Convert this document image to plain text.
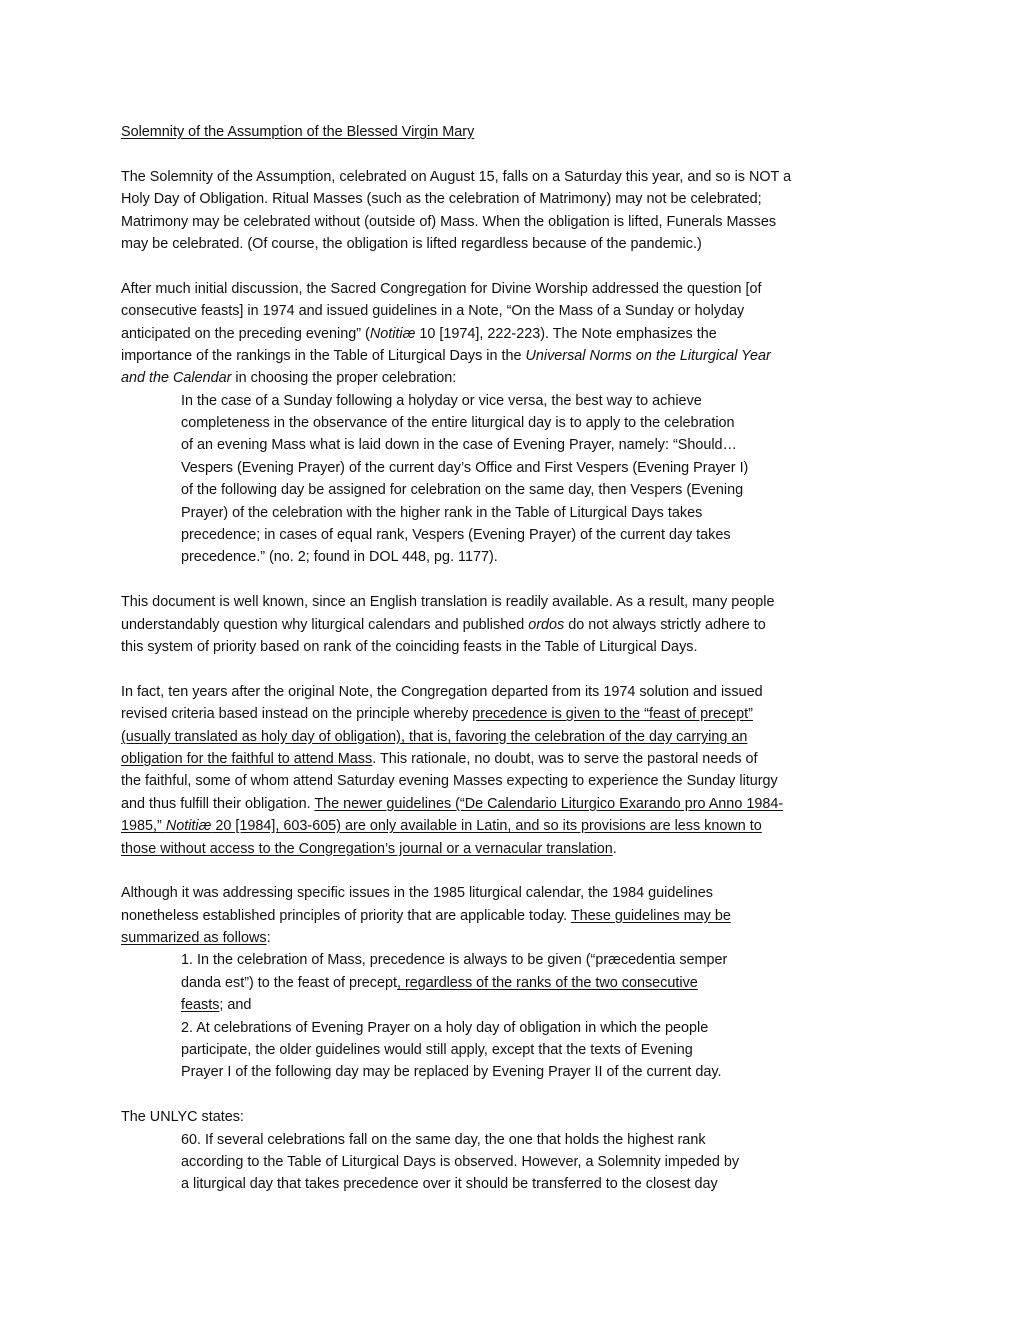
Solemnity of the Assumption of the Blessed Virgin Mary
The Solemnity of the Assumption, celebrated on August 15, falls on a Saturday this year, and so is NOT a
Holy Day of Obligation. Ritual Masses (such as the celebration of Matrimony) may not be celebrated;
Matrimony may be celebrated without (outside of) Mass. When the obligation is lifted, Funerals Masses
may be celebrated. (Of course, the obligation is lifted regardless because of the pandemic.)
After much initial discussion, the Sacred Congregation for Divine Worship addressed the question [of
consecutive feasts] in 1974 and issued guidelines in a Note, “On the Mass of a Sunday or holyday
anticipated on the preceding evening” (Notitiæ 10 [1974], 222-223). The Note emphasizes the
importance of the rankings in the Table of Liturgical Days in the Universal Norms on the Liturgical Year
and the Calendar in choosing the proper celebration:
In the case of a Sunday following a holyday or vice versa, the best way to achieve
completeness in the observance of the entire liturgical day is to apply to the celebration
of an evening Mass what is laid down in the case of Evening Prayer, namely: “Should…
Vespers (Evening Prayer) of the current day’s Office and First Vespers (Evening Prayer I)
of the following day be assigned for celebration on the same day, then Vespers (Evening
Prayer) of the celebration with the higher rank in the Table of Liturgical Days takes
precedence; in cases of equal rank, Vespers (Evening Prayer) of the current day takes
precedence.” (no. 2; found in DOL 448, pg. 1177).
This document is well known, since an English translation is readily available. As a result, many people
understandably question why liturgical calendars and published ordos do not always strictly adhere to
this system of priority based on rank of the coinciding feasts in the Table of Liturgical Days.
In fact, ten years after the original Note, the Congregation departed from its 1974 solution and issued
revised criteria based instead on the principle whereby precedence is given to the “feast of precept”
(usually translated as holy day of obligation), that is, favoring the celebration of the day carrying an
obligation for the faithful to attend Mass. This rationale, no doubt, was to serve the pastoral needs of
the faithful, some of whom attend Saturday evening Masses expecting to experience the Sunday liturgy
and thus fulfill their obligation. The newer guidelines (“De Calendario Liturgico Exarando pro Anno 1984-
1985,” Notitiæ 20 [1984], 603-605) are only available in Latin, and so its provisions are less known to
those without access to the Congregation’s journal or a vernacular translation.
Although it was addressing specific issues in the 1985 liturgical calendar, the 1984 guidelines
nonetheless established principles of priority that are applicable today. These guidelines may be
summarized as follows:
1. In the celebration of Mass, precedence is always to be given (“præcedentia semper
danda est”) to the feast of precept, regardless of the ranks of the two consecutive
feasts; and
2. At celebrations of Evening Prayer on a holy day of obligation in which the people
participate, the older guidelines would still apply, except that the texts of Evening
Prayer I of the following day may be replaced by Evening Prayer II of the current day.
The UNLYC states:
60. If several celebrations fall on the same day, the one that holds the highest rank
according to the Table of Liturgical Days is observed. However, a Solemnity impeded by
a liturgical day that takes precedence over it should be transferred to the closest day
